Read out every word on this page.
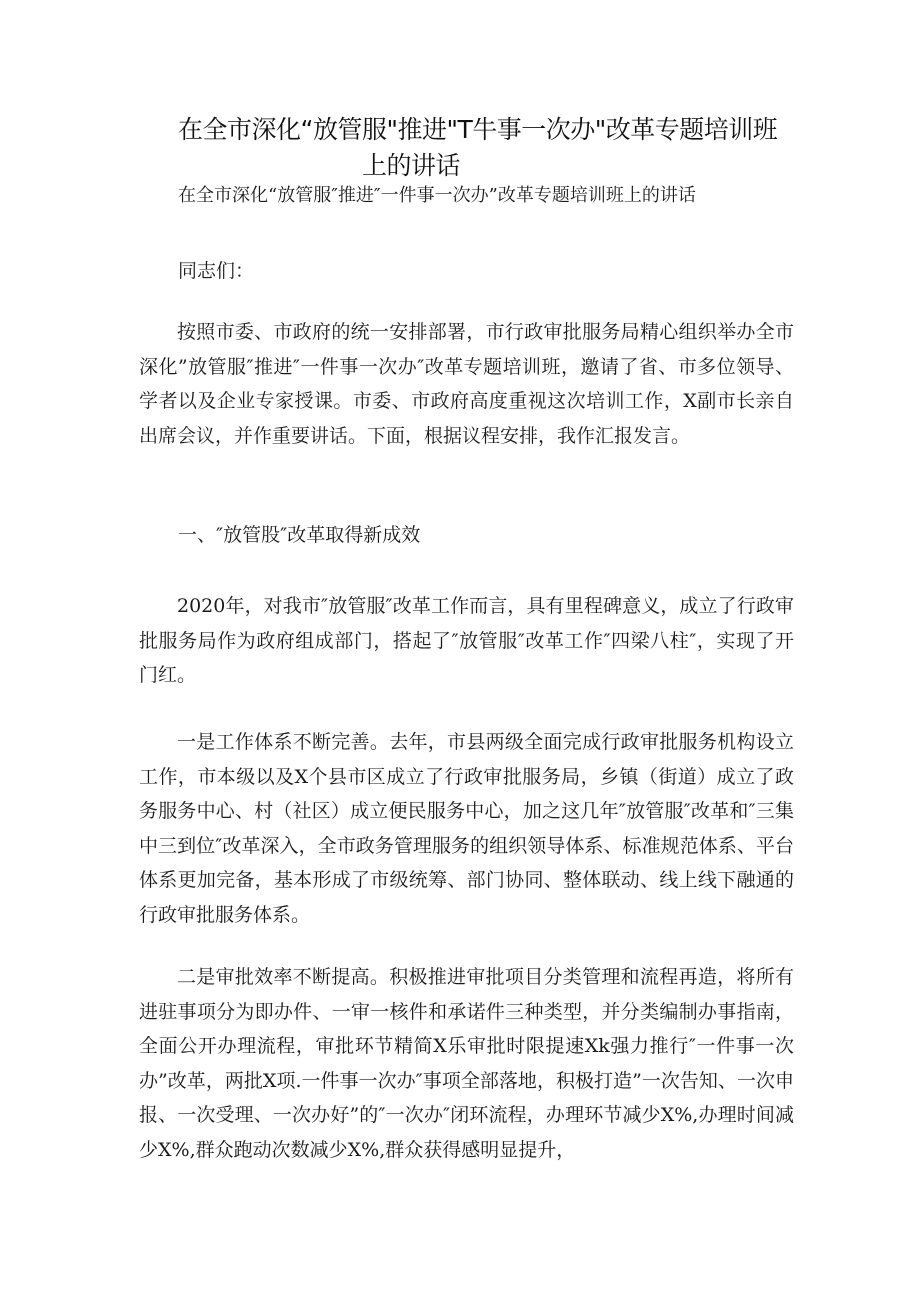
在全市深化“放管服"推进"T牛事一次办"改革专题培训班
上的讲话

在全市深化“放管服″推进″一件事一次办”改革专题培训班上的讲话

同志们：

按照市委、市政府的统一安排部署，市行政审批服务局精心组织举办全市深化”放管服″推进″一件事一次办″改革专题培训班，邀请了省、市多位领导、学者以及企业专家授课。市委、市政府高度重视这次培训工作，X副市长亲自出席会议，并作重要讲话。下面，根据议程安排，我作汇报发言。

一、″放管股″改革取得新成效

2020年，对我市″放管服″改革工作而言，具有里程碑意义，成立了行政审批服务局作为政府组成部门，搭起了″放管服″改革工作″四梁八柱″，实现了开门红。

一是工作体系不断完善。去年，市县两级全面完成行政审批服务机构设立工作，市本级以及X个县市区成立了行政审批服务局，乡镇（街道）成立了政务服务中心、村（社区）成立便民服务中心，加之这几年″放管服″改革和″三集中三到位″改革深入，全市政务管理服务的组织领导体系、标准规范体系、平台体系更加完备，基本形成了市级统筹、部门协同、整体联动、线上线下融通的行政审批服务体系。

二是审批效率不断提高。积极推进审批项目分类管理和流程再造，将所有进驻事项分为即办件、一审一核件和承诺件三种类型，并分类编制办事指南，全面公开办理流程，审批环节精简X乐审批时限提速Xk强力推行″一件事一次办”改革，两批X项.一件事一次办″事项全部落地，积极打造”一次告知、一次申报、一次受理、一次办好”的″一次办″闭环流程，办理环节减少X%,办理时间减少X%,群众跑动次数减少X%,群众获得感明显提升，
